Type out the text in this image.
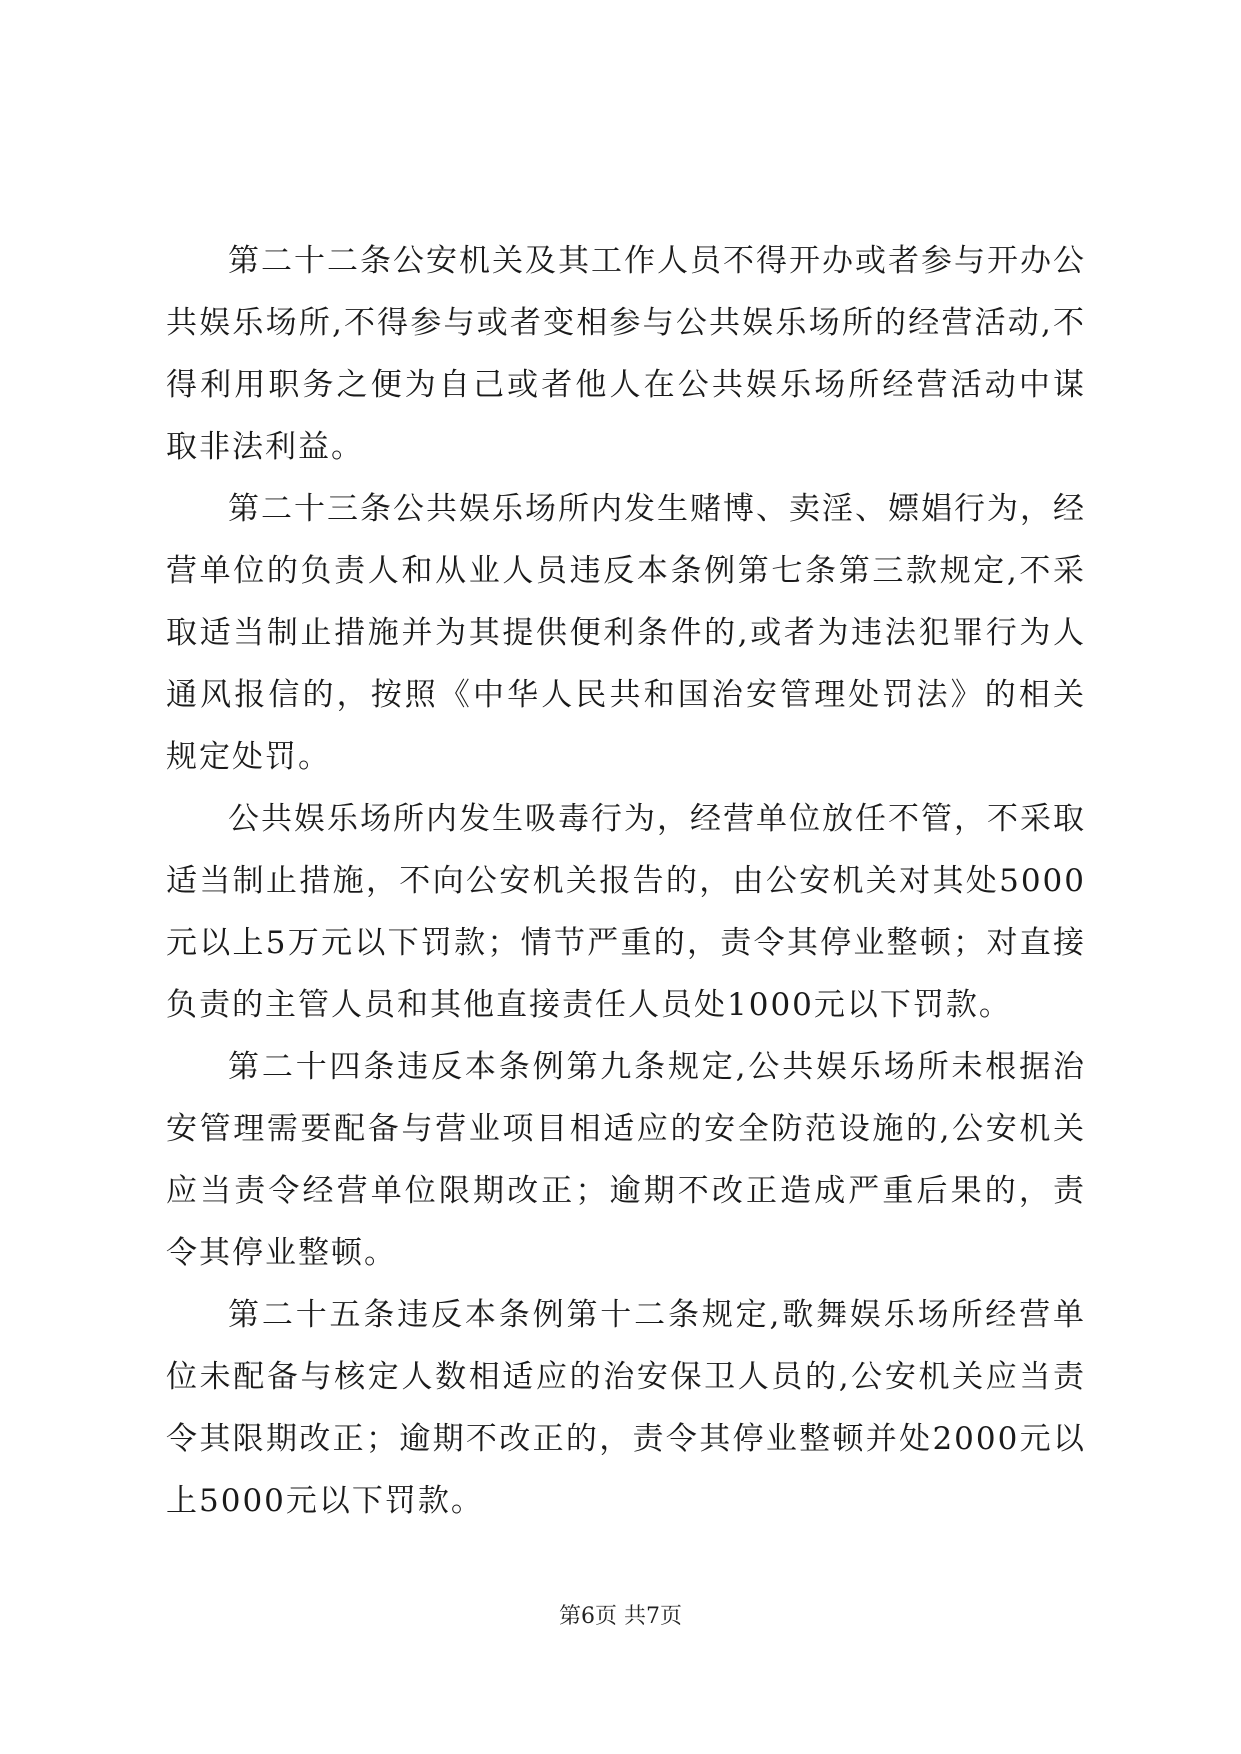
第二十二条公安机关及其工作人员不得开办或者参与开办公共娱乐场所,不得参与或者变相参与公共娱乐场所的经营活动,不得利用职务之便为自己或者他人在公共娱乐场所经营活动中谋取非法利益。

第二十三条公共娱乐场所内发生赌博、卖淫、嫖娼行为，经营单位的负责人和从业人员违反本条例第七条第三款规定,不采取适当制止措施并为其提供便利条件的,或者为违法犯罪行为人通风报信的，按照《中华人民共和国治安管理处罚法》的相关规定处罚。

公共娱乐场所内发生吸毒行为，经营单位放任不管，不采取适当制止措施，不向公安机关报告的，由公安机关对其处5000元以上5万元以下罚款；情节严重的，责令其停业整顿；对直接负责的主管人员和其他直接责任人员处1000元以下罚款。

第二十四条违反本条例第九条规定,公共娱乐场所未根据治安管理需要配备与营业项目相适应的安全防范设施的,公安机关应当责令经营单位限期改正；逾期不改正造成严重后果的，责令其停业整顿。

第二十五条违反本条例第十二条规定,歌舞娱乐场所经营单位未配备与核定人数相适应的治安保卫人员的,公安机关应当责令其限期改正；逾期不改正的，责令其停业整顿并处2000元以上5000元以下罚款。

第6页 共7页
